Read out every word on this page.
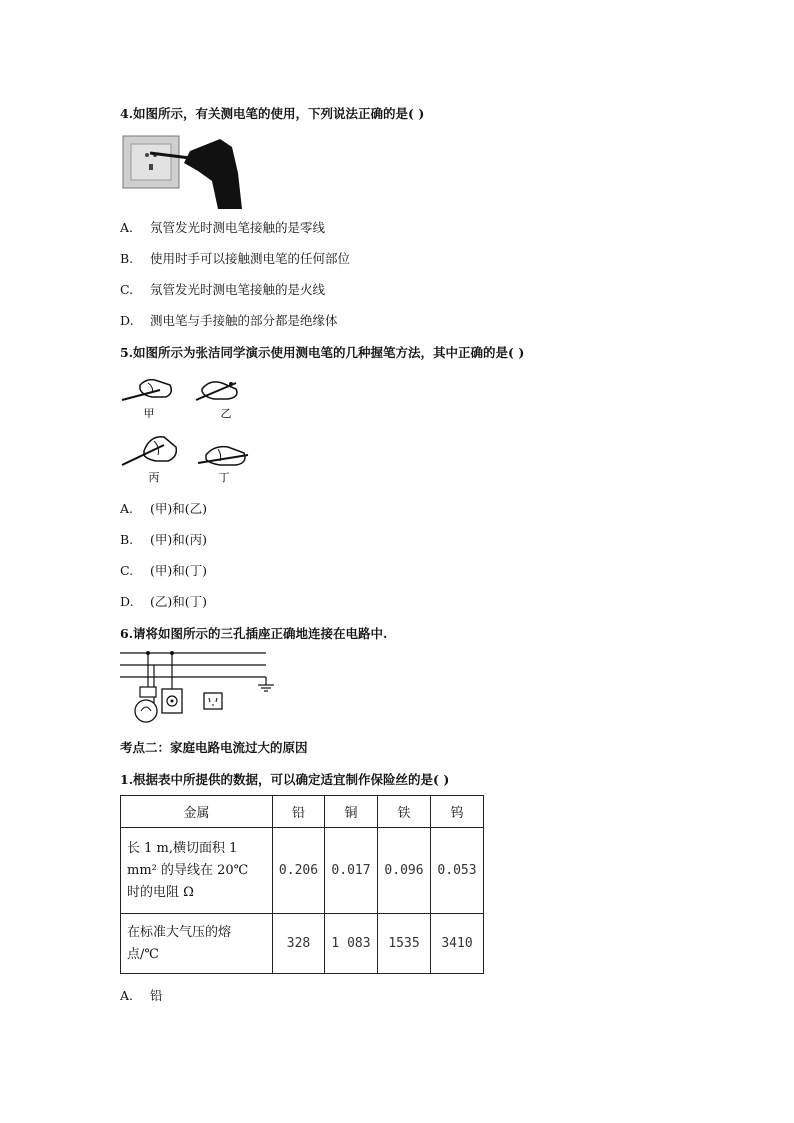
4.如图所示，有关测电笔的使用，下列说法正确的是( )
A. 氖管发光时测电笔接触的是零线
B. 使用时手可以接触测电笔的任何部位
C. 氖管发光时测电笔接触的是火线
D. 测电笔与手接触的部分都是绝缘体
5.如图所示为张洁同学演示使用测电笔的几种握笔方法，其中正确的是( )
甲	乙
丙	丁
A. (甲)和(乙)
B. (甲)和(丙)
C. (甲)和(丁)
D. (乙)和(丁)
6.请将如图所示的三孔插座正确地连接在电路中.
考点二：家庭电路电流过大的原因
1.根据表中所提供的数据，可以确定适宜制作保险丝的是( )
金属	铅	铜	铁	钨

长 1 m,横切面积 1
mm² 的导线在 20℃
时的电阻 Ω	0.206	0.017	0.096	0.053

在标准大气压的熔
点/℃	328	1 083	1535	3410
A. 铅
